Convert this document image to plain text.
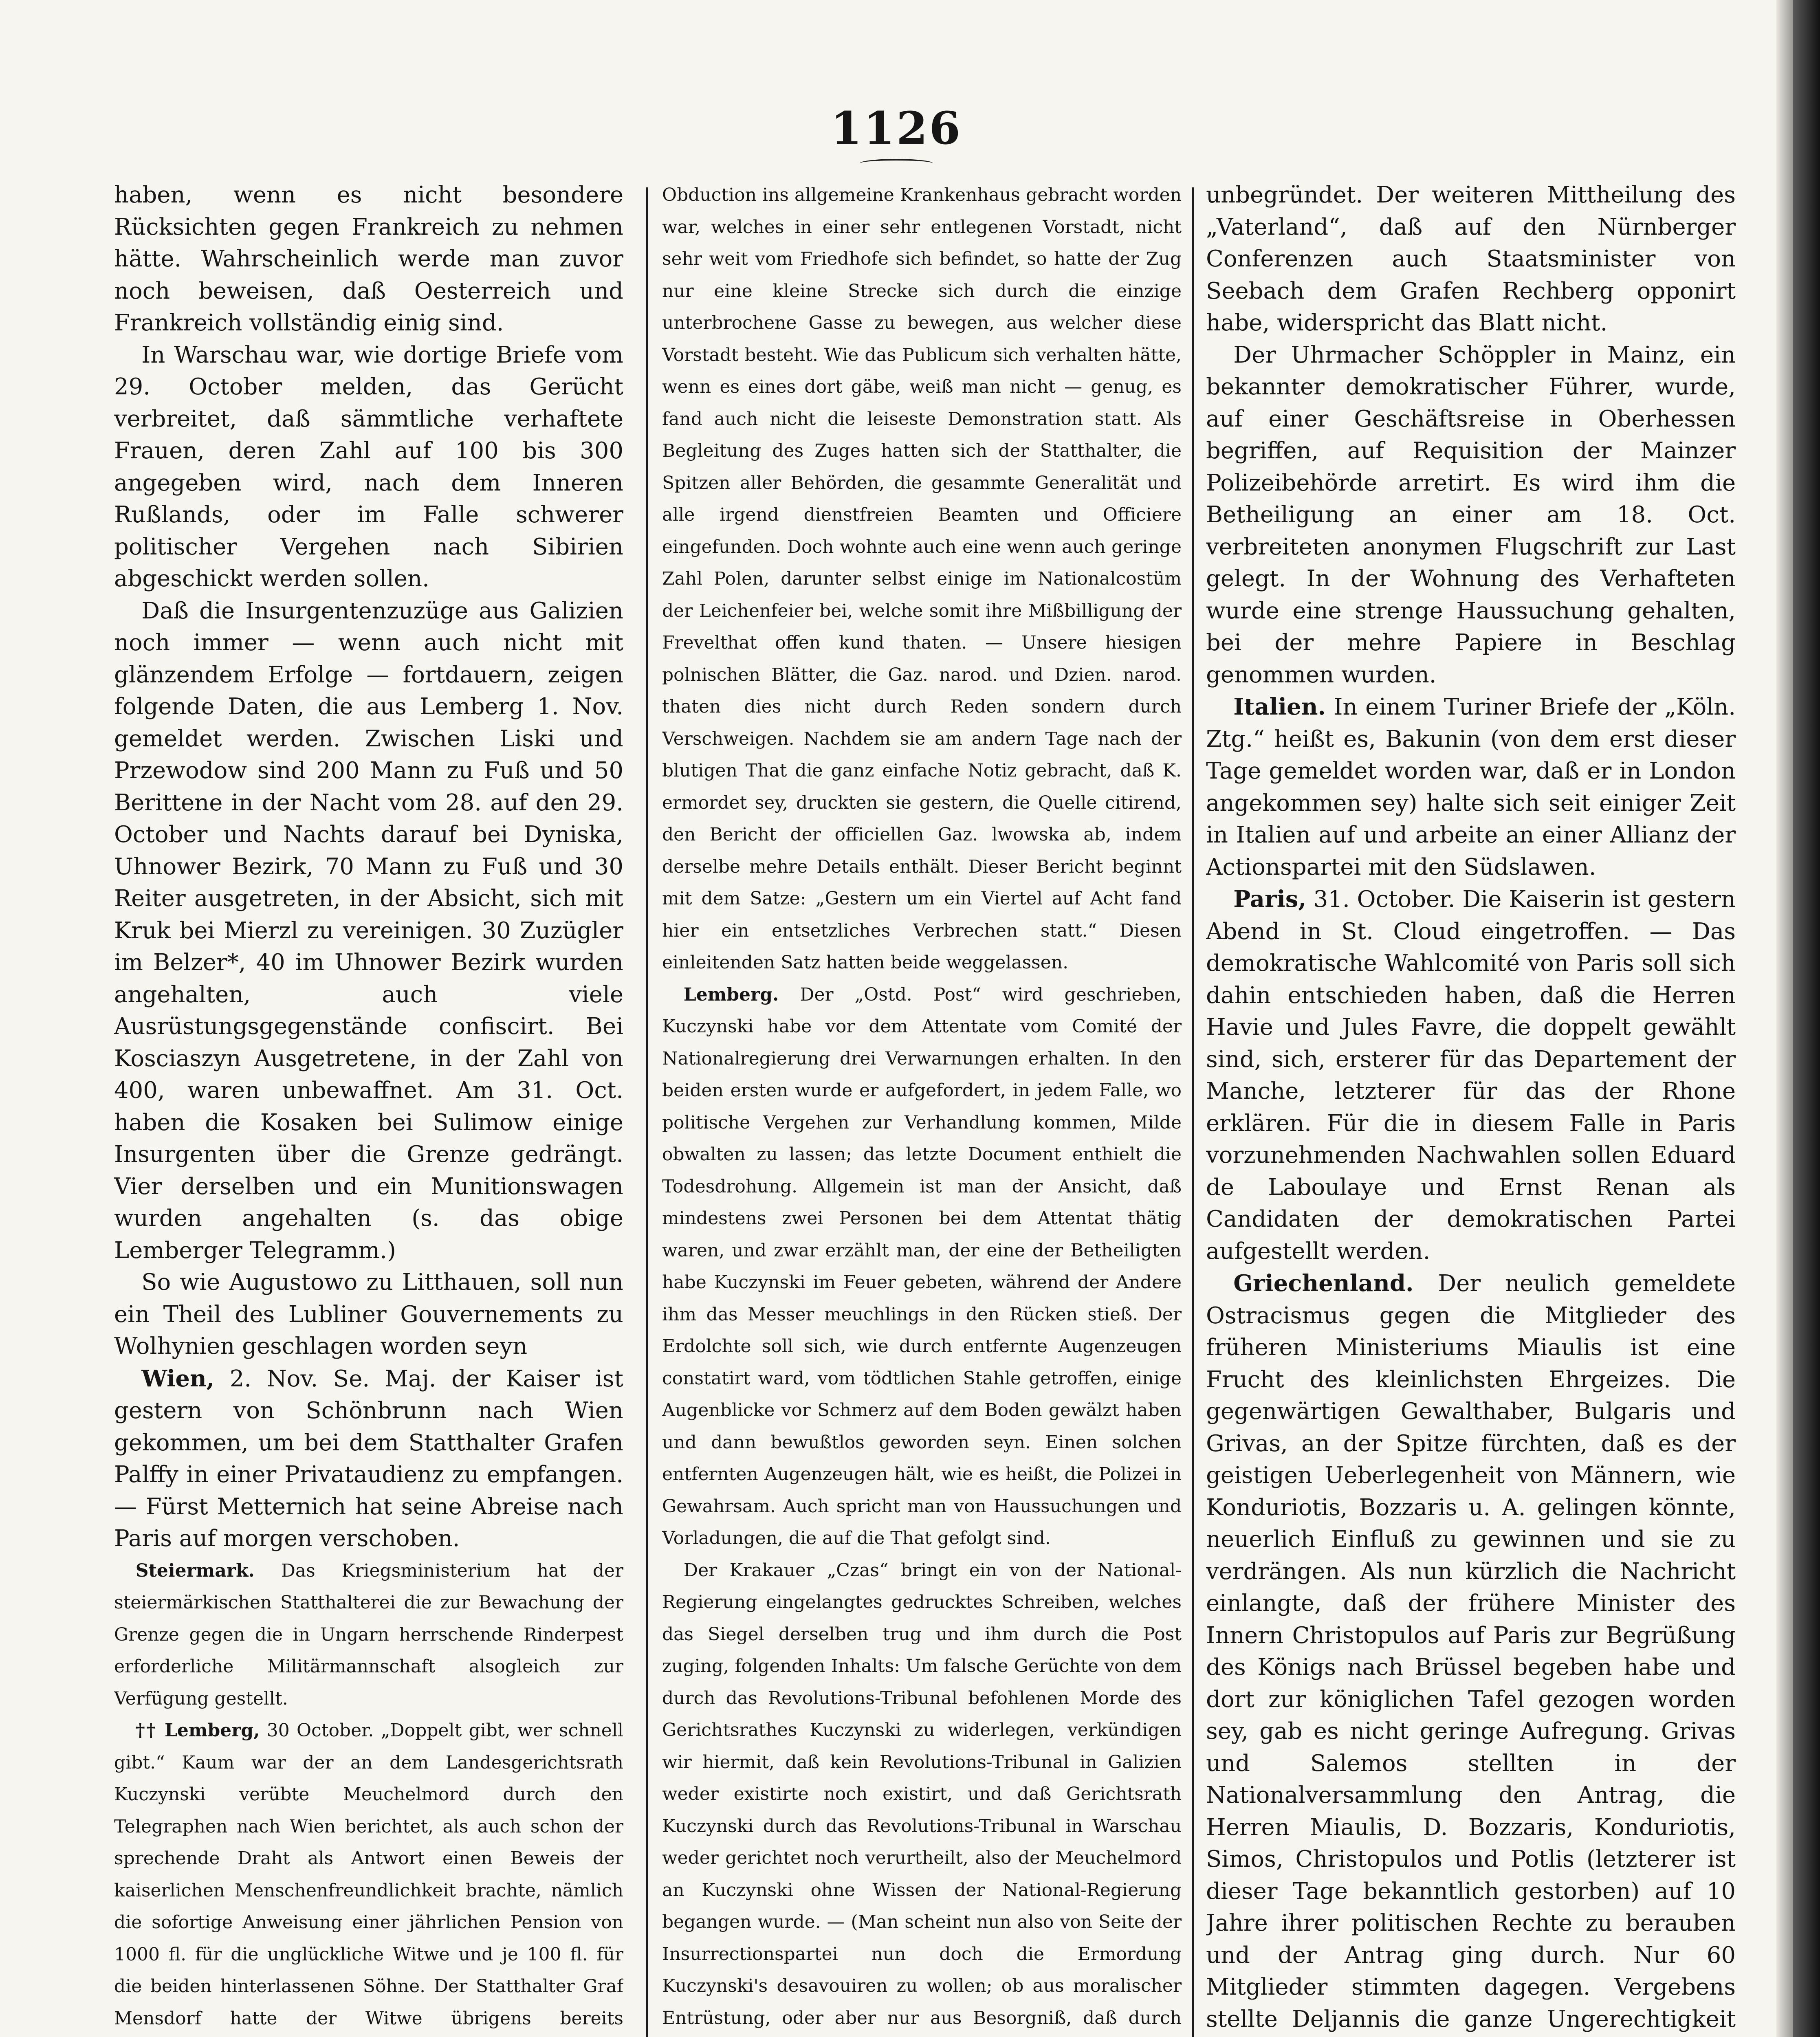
1126

haben, wenn es nicht besondere Rücksichten gegen Frankreich zu nehmen hätte. Wahrscheinlich werde man zuvor noch beweisen, daß Oesterreich und Frankreich vollständig einig sind.

In Warschau war, wie dortige Briefe vom 29. October melden, das Gerücht verbreitet, daß sämmtliche verhaftete Frauen, deren Zahl auf 100 bis 300 angegeben wird, nach dem Inneren Rußlands, oder im Falle schwerer politischer Vergehen nach Sibirien abgeschickt werden sollen.

Daß die Insurgentenzuzüge aus Galizien noch immer — wenn auch nicht mit glänzendem Erfolge — fortdauern, zeigen folgende Daten, die aus Lemberg 1. Nov. gemeldet werden. Zwischen Liski und Przewodow sind 200 Mann zu Fuß und 50 Berittene in der Nacht vom 28. auf den 29. October und Nachts darauf bei Dyniska, Uhnower Bezirk, 70 Mann zu Fuß und 30 Reiter ausgetreten, in der Absicht, sich mit Kruk bei Mierzl zu vereinigen. 30 Zuzügler im Belzer*, 40 im Uhnower Bezirk wurden angehalten, auch viele Ausrüstungsgegenstände confiscirt. Bei Kosciaszyn Ausgetretene, in der Zahl von 400, waren unbewaffnet. Am 31. Oct. haben die Kosaken bei Sulimow einige Insurgenten über die Grenze gedrängt. Vier derselben und ein Munitionswagen wurden angehalten (s. das obige Lemberger Telegramm.)

So wie Augustowo zu Litthauen, soll nun ein Theil des Lubliner Gouvernements zu Wolhynien geschlagen worden seyn

Wien, 2. Nov. Se. Maj. der Kaiser ist gestern von Schönbrunn nach Wien gekommen, um bei dem Statthalter Grafen Palffy in einer Privataudienz zu empfangen. — Fürst Metternich hat seine Abreise nach Paris auf morgen verschoben.

Steiermark. Das Kriegsministerium hat der steiermärkischen Statthalterei die zur Bewachung der Grenze gegen die in Ungarn herrschende Rinderpest erforderliche Militärmannschaft alsogleich zur Verfügung gestellt.

†† Lemberg, 30 October. „Doppelt gibt, wer schnell gibt.“ Kaum war der an dem Landesgerichtsrath Kuczynski verübte Meuchelmord durch den Telegraphen nach Wien berichtet, als auch schon der sprechende Draht als Antwort einen Beweis der kaiserlichen Menschenfreundlichkeit brachte, nämlich die sofortige Anweisung einer jährlichen Pension von 1000 fl. für die unglückliche Witwe und je 100 fl. für die beiden hinterlassenen Söhne. Der Statthalter Graf Mensdorf hatte der Witwe übrigens bereits

Obduction ins allgemeine Krankenhaus gebracht worden war, welches in einer sehr entlegenen Vorstadt, nicht sehr weit vom Friedhofe sich befindet, so hatte der Zug nur eine kleine Strecke sich durch die einzige unterbrochene Gasse zu bewegen, aus welcher diese Vorstadt besteht. Wie das Publicum sich verhalten hätte, wenn es eines dort gäbe, weiß man nicht — genug, es fand auch nicht die leiseste Demonstration statt. Als Begleitung des Zuges hatten sich der Statthalter, die Spitzen aller Behörden, die gesammte Generalität und alle irgend dienstfreien Beamten und Officiere eingefunden. Doch wohnte auch eine wenn auch geringe Zahl Polen, darunter selbst einige im Nationalcostüm der Leichenfeier bei, welche somit ihre Mißbilligung der Frevelthat offen kund thaten. — Unsere hiesigen polnischen Blätter, die Gaz. narod. und Dzien. narod. thaten dies nicht durch Reden sondern durch Verschweigen. Nachdem sie am andern Tage nach der blutigen That die ganz einfache Notiz gebracht, daß K. ermordet sey, druckten sie gestern, die Quelle citirend, den Bericht der officiellen Gaz. lwowska ab, indem derselbe mehre Details enthält. Dieser Bericht beginnt mit dem Satze: „Gestern um ein Viertel auf Acht fand hier ein entsetzliches Verbrechen statt.“ Diesen einleitenden Satz hatten beide weggelassen.

Lemberg. Der „Ostd. Post“ wird geschrieben, Kuczynski habe vor dem Attentate vom Comité der Nationalregierung drei Verwarnungen erhalten. In den beiden ersten wurde er aufgefordert, in jedem Falle, wo politische Vergehen zur Verhandlung kommen, Milde obwalten zu lassen; das letzte Document enthielt die Todesdrohung. Allgemein ist man der Ansicht, daß mindestens zwei Personen bei dem Attentat thätig waren, und zwar erzählt man, der eine der Betheiligten habe Kuczynski im Feuer gebeten, während der Andere ihm das Messer meuchlings in den Rücken stieß. Der Erdolchte soll sich, wie durch entfernte Augenzeugen constatirt ward, vom tödtlichen Stahle getroffen, einige Augenblicke vor Schmerz auf dem Boden gewälzt haben und dann bewußtlos geworden seyn. Einen solchen entfernten Augenzeugen hält, wie es heißt, die Polizei in Gewahrsam. Auch spricht man von Haussuchungen und Vorladungen, die auf die That gefolgt sind.

Der Krakauer „Czas“ bringt ein von der National-Regierung eingelangtes gedrucktes Schreiben, welches das Siegel derselben trug und ihm durch die Post zuging, folgenden Inhalts: Um falsche Gerüchte von dem durch das Revolutions-Tribunal befohlenen Morde des Gerichtsrathes Kuczynski zu widerlegen, verkündigen wir hiermit, daß kein Revolutions-Tribunal in Galizien weder existirte noch existirt, und daß Gerichtsrath Kuczynski durch das Revolutions-Tribunal in Warschau weder gerichtet noch verurtheilt, also der Meuchelmord an Kuczynski ohne Wissen der National-Regierung begangen wurde. — (Man scheint nun also von Seite der Insurrectionspartei nun doch die Ermordung Kuczynski's desavouiren zu wollen; ob aus moralischer Entrüstung, oder aber nur aus Besorgniß, daß durch

unbegründet. Der weiteren Mittheilung des „Vaterland“, daß auf den Nürnberger Conferenzen auch Staatsminister von Seebach dem Grafen Rechberg opponirt habe, widerspricht das Blatt nicht.

Der Uhrmacher Schöppler in Mainz, ein bekannter demokratischer Führer, wurde, auf einer Geschäftsreise in Oberhessen begriffen, auf Requisition der Mainzer Polizeibehörde arretirt. Es wird ihm die Betheiligung an einer am 18. Oct. verbreiteten anonymen Flugschrift zur Last gelegt. In der Wohnung des Verhafteten wurde eine strenge Haussuchung gehalten, bei der mehre Papiere in Beschlag genommen wurden.

Italien. In einem Turiner Briefe der „Köln. Ztg.“ heißt es, Bakunin (von dem erst dieser Tage gemeldet worden war, daß er in London angekommen sey) halte sich seit einiger Zeit in Italien auf und arbeite an einer Allianz der Actionspartei mit den Südslawen.

Paris, 31. October. Die Kaiserin ist gestern Abend in St. Cloud eingetroffen. — Das demokratische Wahlcomité von Paris soll sich dahin entschieden haben, daß die Herren Havie und Jules Favre, die doppelt gewählt sind, sich, ersterer für das Departement der Manche, letzterer für das der Rhone erklären. Für die in diesem Falle in Paris vorzunehmenden Nachwahlen sollen Eduard de Laboulaye und Ernst Renan als Candidaten der demokratischen Partei aufgestellt werden.

Griechenland. Der neulich gemeldete Ostracismus gegen die Mitglieder des früheren Ministeriums Miaulis ist eine Frucht des kleinlichsten Ehrgeizes. Die gegenwärtigen Gewalthaber, Bulgaris und Grivas, an der Spitze fürchten, daß es der geistigen Ueberlegenheit von Männern, wie Konduriotis, Bozzaris u. A. gelingen könnte, neuerlich Einfluß zu gewinnen und sie zu verdrängen. Als nun kürzlich die Nachricht einlangte, daß der frühere Minister des Innern Christopulos auf Paris zur Begrüßung des Königs nach Brüssel begeben habe und dort zur königlichen Tafel gezogen worden sey, gab es nicht geringe Aufregung. Grivas und Salemos stellten in der Nationalversammlung den Antrag, die Herren Miaulis, D. Bozzaris, Konduriotis, Simos, Christopulos und Potlis (letzterer ist dieser Tage bekanntlich gestorben) auf 10 Jahre ihrer politischen Rechte zu berauben und der Antrag ging durch. Nur 60 Mitglieder stimmten dagegen. Vergebens stellte Deljannis die ganze Ungerechtigkeit
